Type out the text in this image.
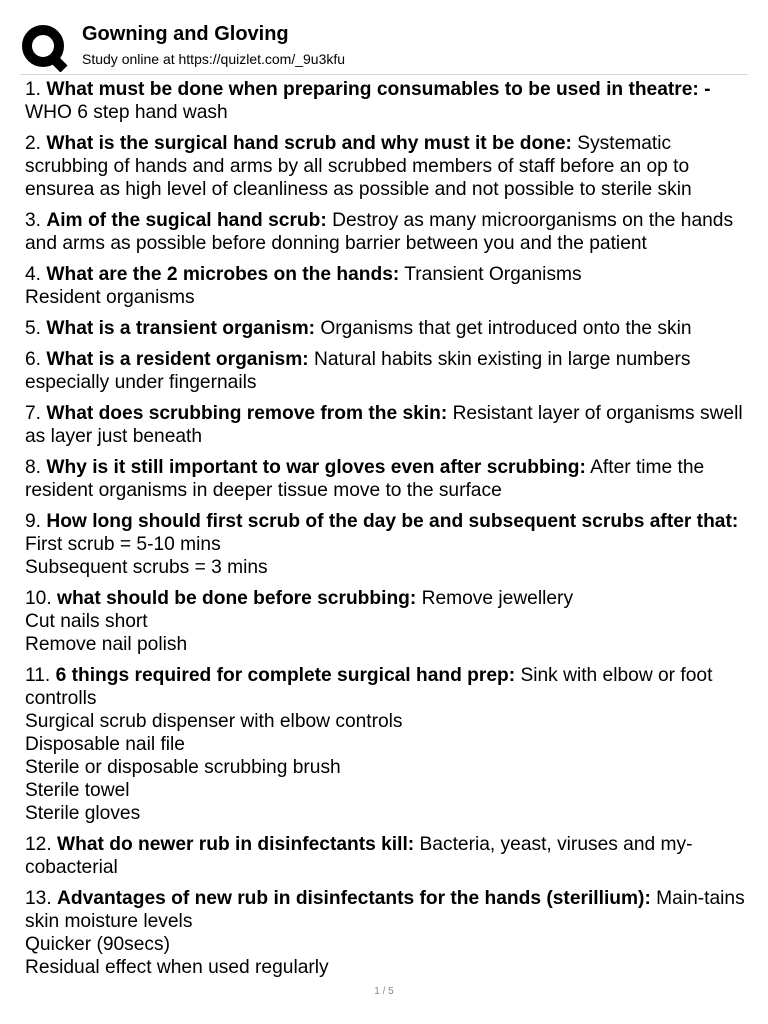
Gowning and Gloving
Study online at https://quizlet.com/_9u3kfu
1. What must be done when preparing consumables to be used in theatre: -
WHO 6 step hand wash
2. What is the surgical hand scrub and why must it be done: Systematic scrubbing of hands and arms by all scrubbed members of staff before an op to ensurea as high level of cleanliness as possible and not possible to sterile skin
3. Aim of the sugical hand scrub: Destroy as many microorganisms on the hands and arms as possible before donning barrier between you and the patient
4. What are the 2 microbes on the hands: Transient Organisms
Resident organisms
5. What is a transient organism: Organisms that get introduced onto the skin
6. What is a resident organism: Natural habits skin existing in large numbers especially under fingernails
7. What does scrubbing remove from the skin: Resistant layer of organisms swell as layer just beneath
8. Why is it still important to war gloves even after scrubbing: After time the resident organisms in deeper tissue move to the surface
9. How long should first scrub of the day be and subsequent scrubs after that: First scrub = 5-10 mins
Subsequent scrubs = 3 mins
10. what should be done before scrubbing: Remove jewellery
Cut nails short
Remove nail polish
11. 6 things required for complete surgical hand prep: Sink with elbow or foot controlls
Surgical scrub dispenser with elbow controls
Disposable nail file
Sterile or disposable scrubbing brush
Sterile towel
Sterile gloves
12. What do newer rub in disinfectants kill: Bacteria, yeast, viruses and my-cobacterial
13. Advantages of new rub in disinfectants for the hands (sterillium): Main-tains skin moisture levels
Quicker (90secs)
Residual effect when used regularly
1 / 5
